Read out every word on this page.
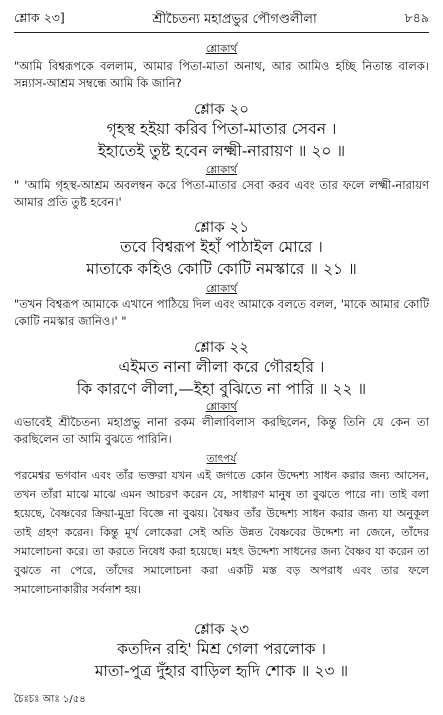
শ্লোক ২৩]	শ্রীচৈতন্য মহাপ্রভুর পৌগণ্ডলীলা	৮৪৯
শ্লোকার্থ
"আমি বিশ্বরূপকে বললাম, আমার পিতা-মাতা অনাথ, আর আমিও হচ্ছি নিতান্ত বালক। সন্ন্যাস-আশ্রম সম্বন্ধে আমি কি জানি?
শ্লোক ২০
গৃহস্থ হইয়া করিব পিতা-মাতার সেবন ।
ইহাতেই তুষ্ট হবেন লক্ষ্মী-নারায়ণ ॥ ২০ ॥
শ্লোকার্থ
" 'আমি গৃহস্থ-আশ্রম অবলম্বন করে পিতা-মাতার সেবা করব এবং তার ফলে লক্ষ্মী-নারায়ণ আমার প্রতি তুষ্ট হবেন।'
শ্লোক ২১
তবে বিশ্বরূপ ইহাঁ পাঠাইল মোরে ।
মাতাকে কহিও কোটি কোটি নমস্কারে ॥ ২১ ॥
শ্লোকার্থ
"তখন বিশ্বরূপ আমাকে এখানে পাঠিয়ে দিল এবং আমাকে বলতে বলল, 'মাকে আমার কোটি কোটি নমস্কার জানিও।' "
শ্লোক ২২
এইমত নানা লীলা করে গৌরহরি ।
কি কারণে লীলা,—ইহা বুঝিতে না পারি ॥ ২২ ॥
শ্লোকার্থ
এভাবেই শ্রীচৈতন্য মহাপ্রভু নানা রকম লীলাবিলাস করছিলেন, কিন্তু তিনি যে কেন তা করছিলেন তা আমি বুঝতে পারিনি।
তাৎপর্য
পরমেশ্বর ভগবান এবং তাঁর ভক্তরা যখন এই জগতে কোন উদ্দেশ্য সাধন করার জন্য আসেন, তখন তাঁরা মাঝে মাঝে এমন আচরণ করেন যে, সাধারণ মানুষ তা বুঝতে পারে না। তাই বলা হয়েছে, বৈষ্ণবের ক্রিয়া-মুদ্রা বিজ্ঞে না বুঝয়। বৈষ্ণব তাঁর উদ্দেশ্য সাধন করার জন্য যা অনুকূল তাই গ্রহণ করেন। কিন্তু মূর্খ লোকেরা সেই অতি উন্নত বৈষ্ণবের উদ্দেশ্য না জেনে, তাঁদের সমালোচনা করে। তা করতে নিষেধ করা হয়েছে। মহৎ উদ্দেশ্য সাধনের জন্য বৈষ্ণব যা করেন তা বুঝতে না পেরে, তাঁদের সমালোচনা করা একটি মস্ত বড় অপরাধ এবং তার ফলে সমালোচনাকারীর সর্বনাশ হয়।
শ্লোক ২৩
কতদিন রহি' মিশ্র গেলা পরলোক ।
মাতা-পুত্র দুঁহার বাড়িল হৃদি শোক ॥ ২৩ ॥
চৈঃচঃ আঃ ১/৫৪
